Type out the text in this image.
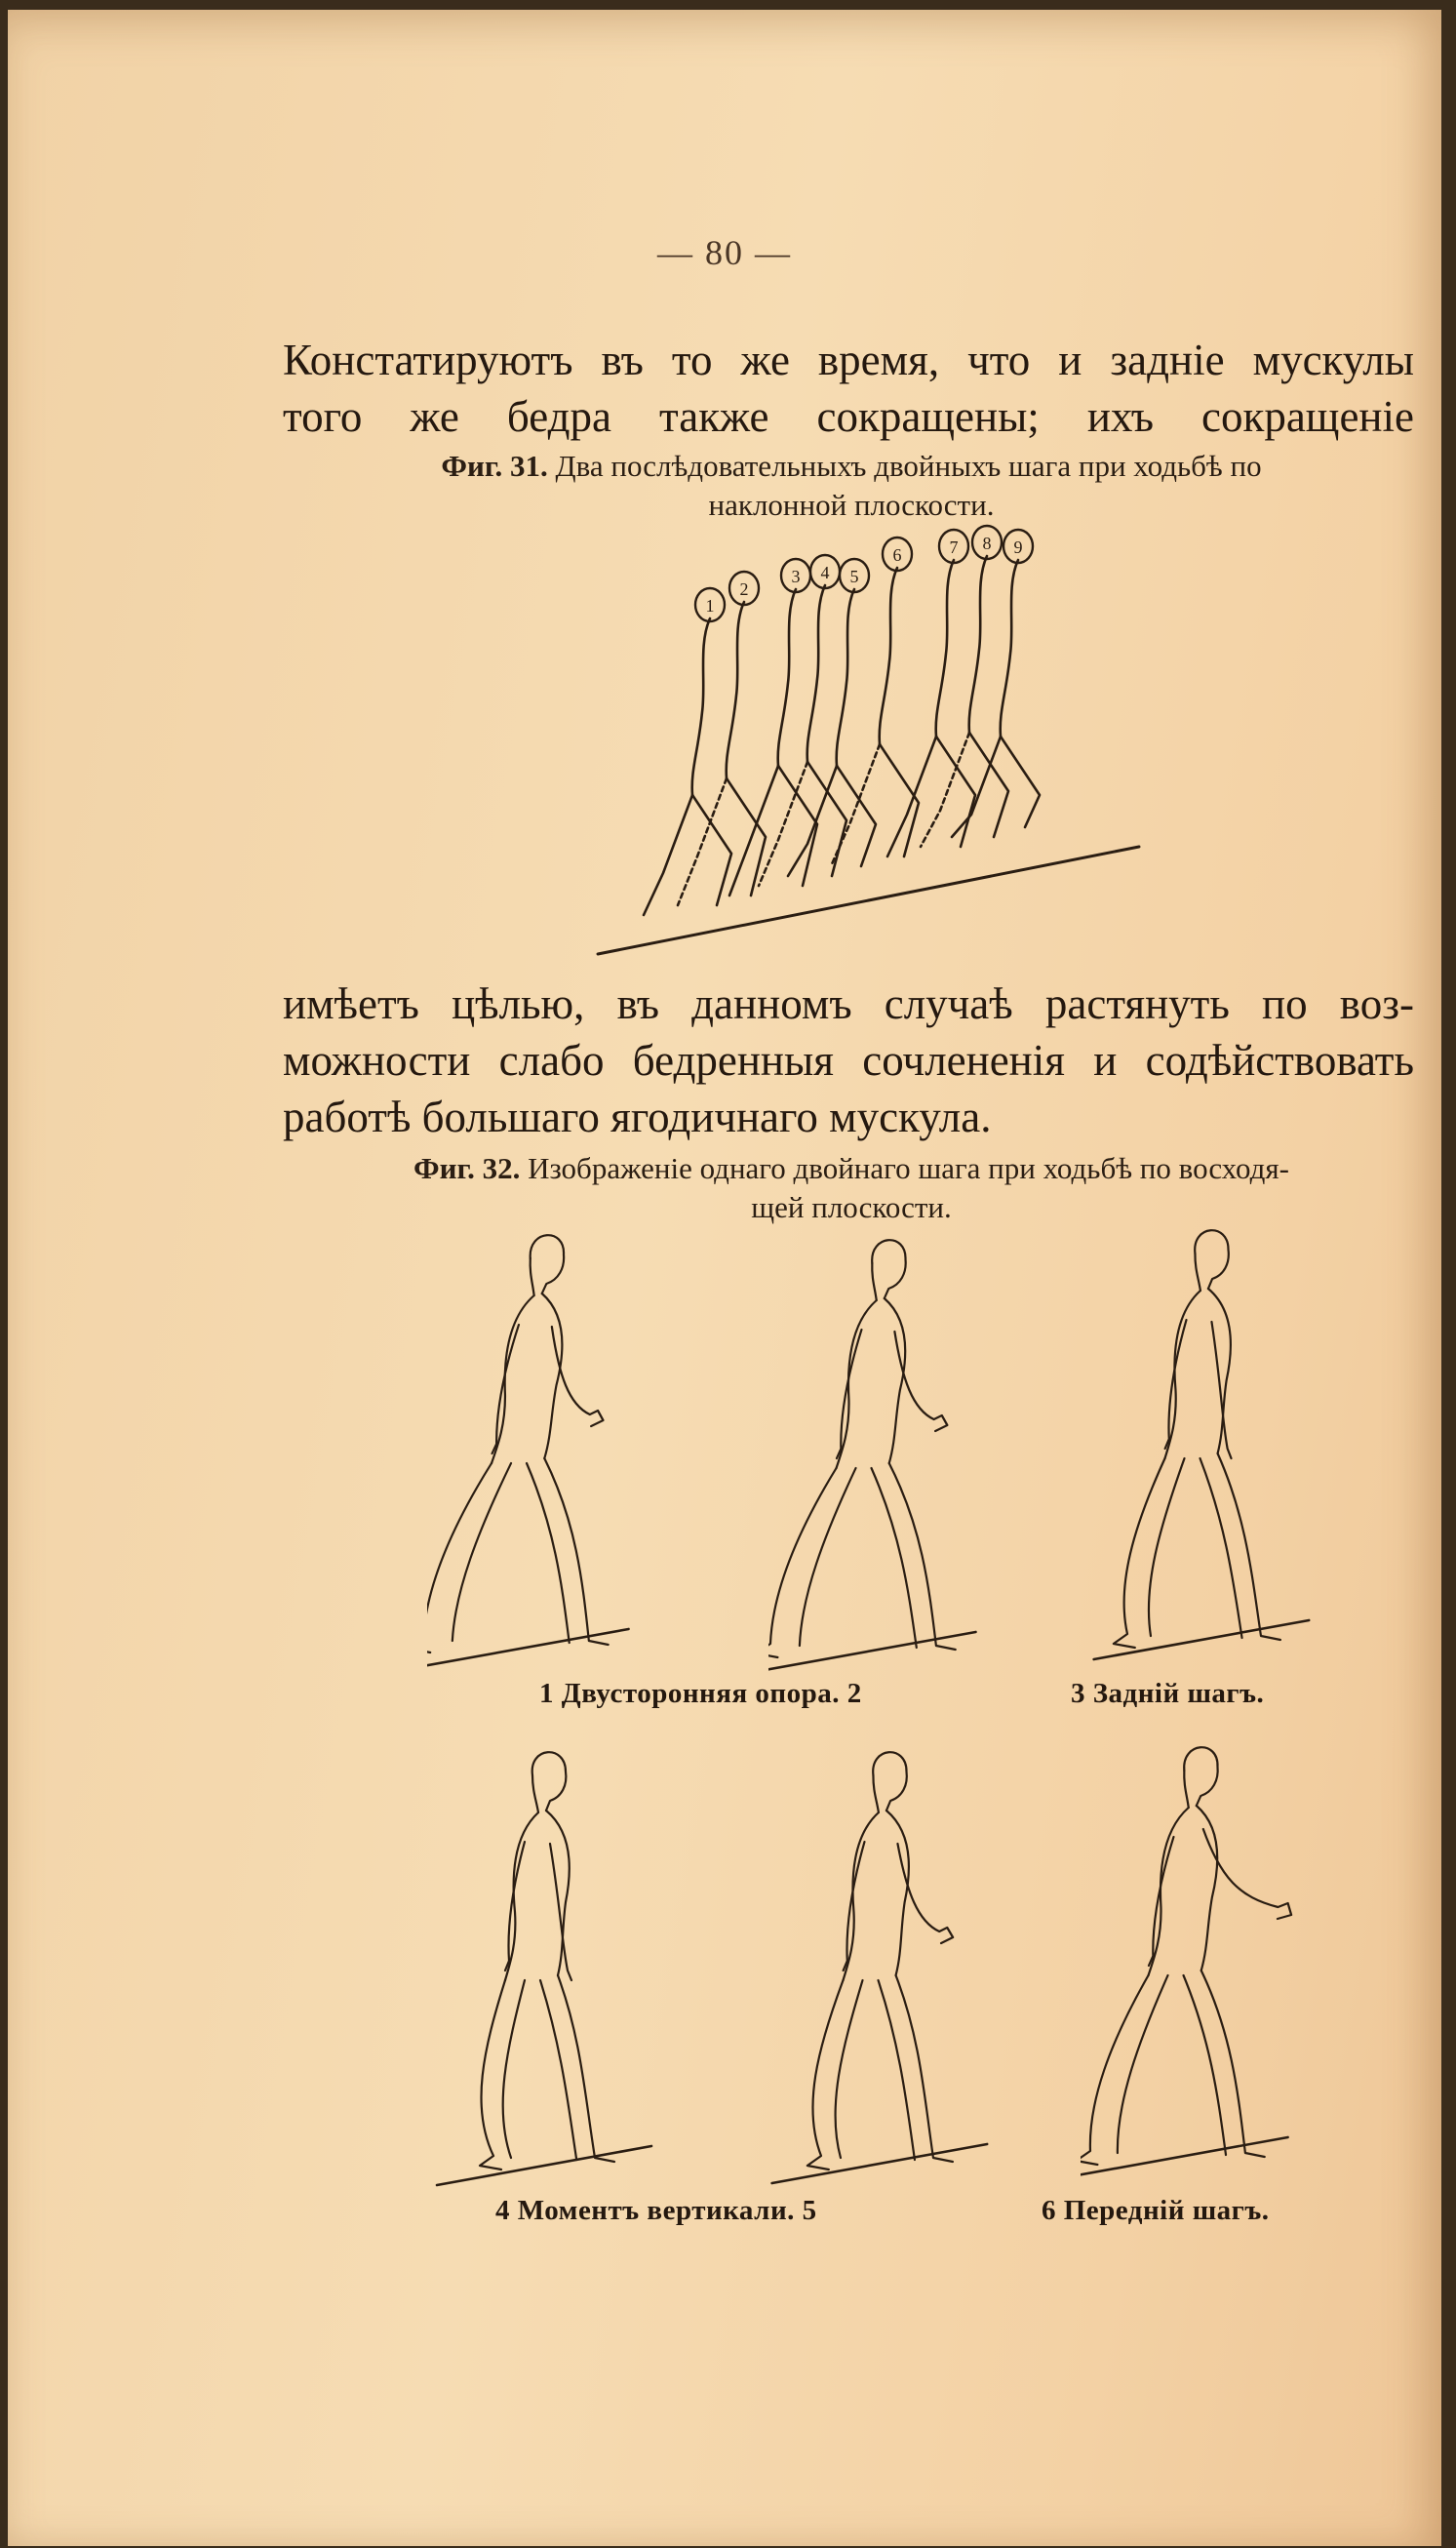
— 80 —
Констатируютъ въ то же время, что и заднiе мускулы
того же бедра также сокращены; ихъ сокращенiе
Фиг. 31. Два послѣдовательныхъ двойныхъ шага при ходьбѣ по
наклонной плоскости.
1
2
3 4 5
6	7 8 9
имѣетъ цѣлью, въ данномъ случаѣ растянуть по воз-
можности слабо бедренныя сочлененiя и содѣйствовать
работѣ большаго ягодичнаго мускула.
Фиг. 32. Изображенiе однаго двойнаго шага при ходьбѣ по восходя-
щей плоскости.
1 Двусторонняя опора. 2	3 Заднiй шагъ.
4 Моментъ вертикали. 5	6 Переднiй шагъ.
